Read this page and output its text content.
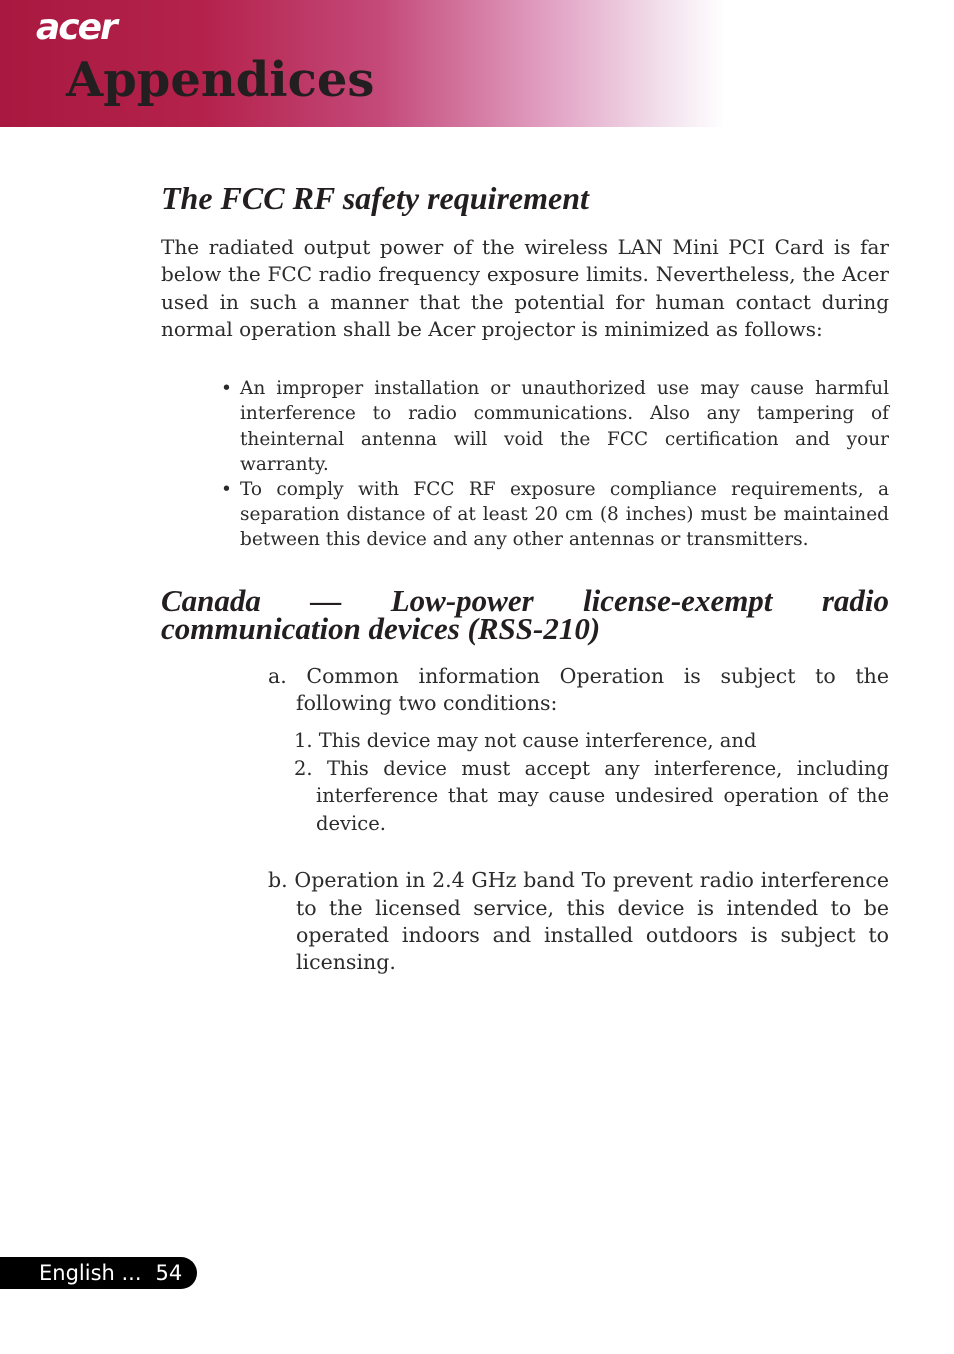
acer
Appendices
The FCC RF safety requirement

The radiated output power of the wireless LAN Mini PCI Card is far below the FCC radio frequency exposure limits. Nevertheless, the Acer used in such a manner that the potential for human contact during normal operation shall be Acer projector is minimized as follows:

• An improper installation or unauthorized use may cause harmful interference to radio communications. Also any tampering of theinternal antenna will void the FCC certification and your warranty.
• To comply with FCC RF exposure compliance requirements, a separation distance of at least 20 cm (8 inches) must be maintained between this device and any other antennas or transmitters.
Canada — Low-power license-exempt radio communication devices (RSS-210)

a. Common information Operation is subject to the following two conditions:

1. This device may not cause interference, and
2. This device must accept any interference, including interference that may cause undesired operation of the device.

b. Operation in 2.4 GHz band To prevent radio interference to the licensed service, this device is intended to be operated indoors and installed outdoors is subject to licensing.

English ... 54
